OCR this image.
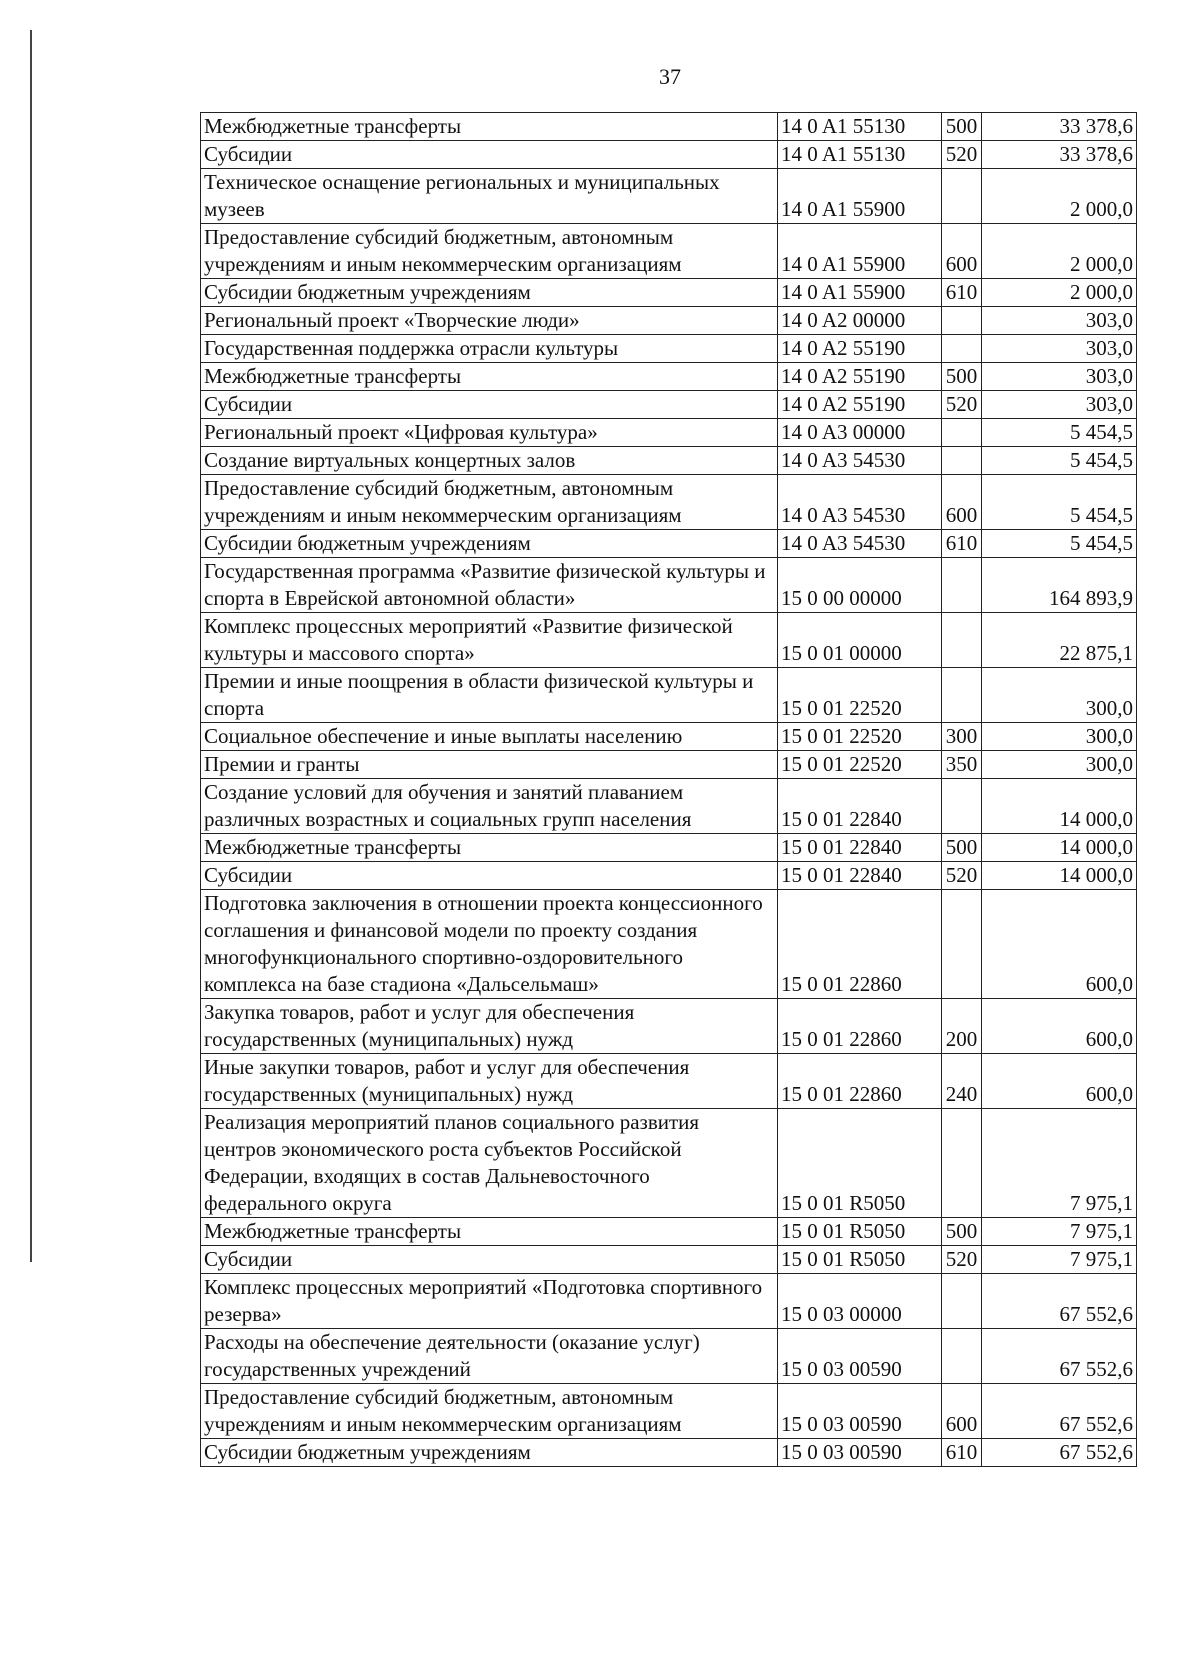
37
Межбюджетные трансферты	14 0 A1 55130	500	33 378,6
Субсидии	14 0 A1 55130	520	33 378,6
Техническое оснащение региональных и муниципальных музеев	14 0 A1 55900		2 000,0
Предоставление субсидий бюджетным, автономным учреждениям и иным некоммерческим организациям	14 0 A1 55900	600	2 000,0
Субсидии бюджетным учреждениям	14 0 A1 55900	610	2 000,0
Региональный проект «Творческие люди»	14 0 A2 00000		303,0
Государственная поддержка отрасли культуры	14 0 A2 55190		303,0
Межбюджетные трансферты	14 0 A2 55190	500	303,0
Субсидии	14 0 A2 55190	520	303,0
Региональный проект «Цифровая культура»	14 0 A3 00000		5 454,5
Создание виртуальных концертных залов	14 0 A3 54530		5 454,5
Предоставление субсидий бюджетным, автономным учреждениям и иным некоммерческим организациям	14 0 A3 54530	600	5 454,5
Субсидии бюджетным учреждениям	14 0 A3 54530	610	5 454,5
Государственная программа «Развитие физической культуры и спорта в Еврейской автономной области»	15 0 00 00000		164 893,9
Комплекс процессных мероприятий «Развитие физической культуры и массового спорта»	15 0 01 00000		22 875,1
Премии и иные поощрения в области физической культуры и спорта	15 0 01 22520		300,0
Социальное обеспечение и иные выплаты населению	15 0 01 22520	300	300,0
Премии и гранты	15 0 01 22520	350	300,0
Создание условий для обучения и занятий плаванием различных возрастных и социальных групп населения	15 0 01 22840		14 000,0
Межбюджетные трансферты	15 0 01 22840	500	14 000,0
Субсидии	15 0 01 22840	520	14 000,0
Подготовка заключения в отношении проекта концессионного соглашения и финансовой модели по проекту создания многофункционального спортивно-оздоровительного комплекса на базе стадиона «Дальсельмаш»	15 0 01 22860		600,0
Закупка товаров, работ и услуг для обеспечения государственных (муниципальных) нужд	15 0 01 22860	200	600,0
Иные закупки товаров, работ и услуг для обеспечения государственных (муниципальных) нужд	15 0 01 22860	240	600,0
Реализация мероприятий планов социального развития центров экономического роста субъектов Российской Федерации, входящих в состав Дальневосточного федерального округа	15 0 01 R5050		7 975,1
Межбюджетные трансферты	15 0 01 R5050	500	7 975,1
Субсидии	15 0 01 R5050	520	7 975,1
Комплекс процессных мероприятий «Подготовка спортивного резерва»	15 0 03 00000		67 552,6
Расходы на обеспечение деятельности (оказание услуг) государственных учреждений	15 0 03 00590		67 552,6
Предоставление субсидий бюджетным, автономным учреждениям и иным некоммерческим организациям	15 0 03 00590	600	67 552,6
Субсидии бюджетным учреждениям	15 0 03 00590	610	67 552,6
